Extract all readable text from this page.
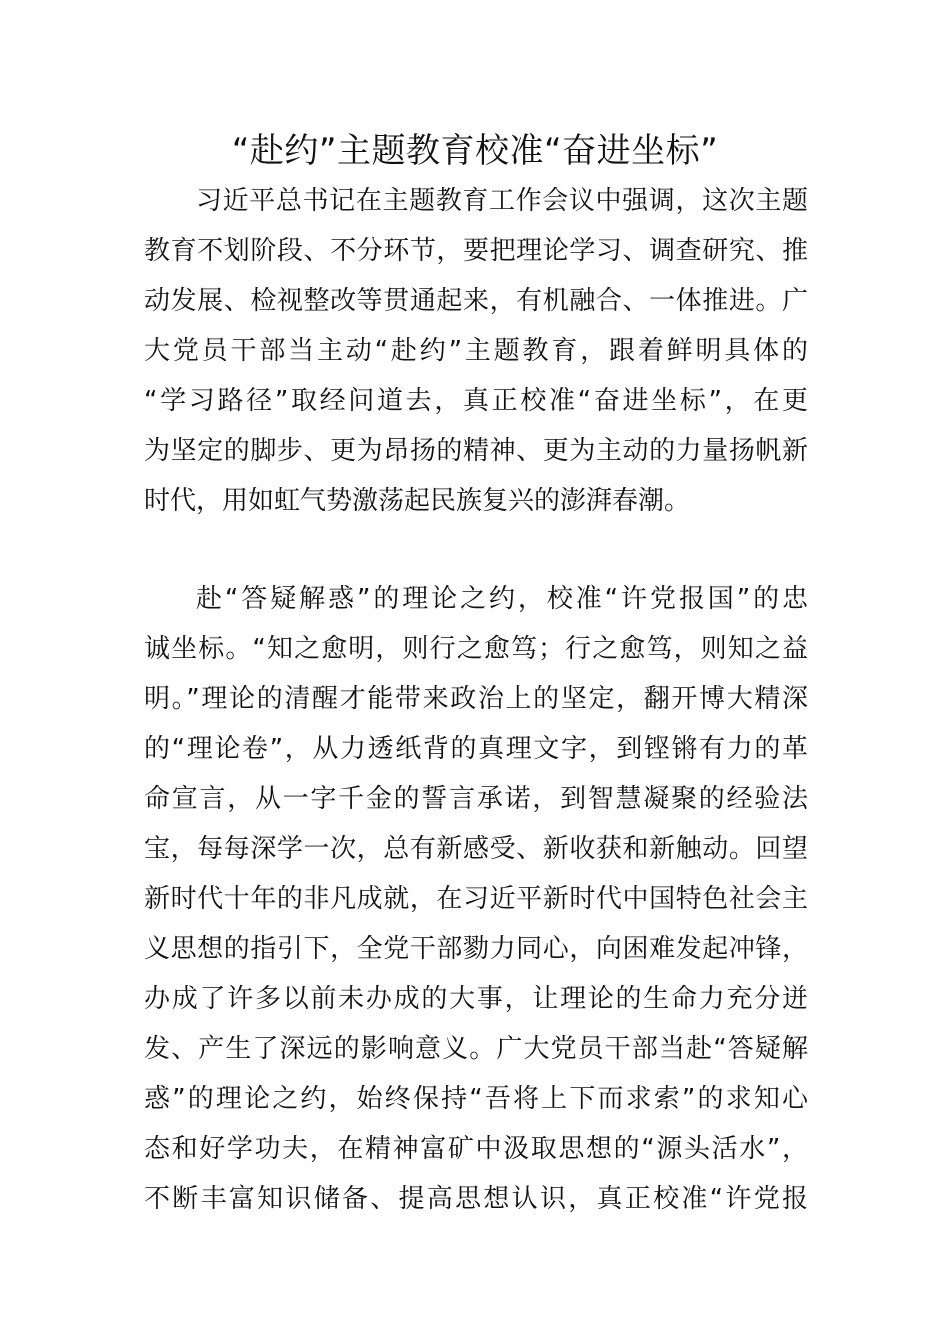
“赴约”主题教育校准“奋进坐标”

习近平总书记在主题教育工作会议中强调，这次主题
教育不划阶段、不分环节，要把理论学习、调查研究、推
动发展、检视整改等贯通起来，有机融合、一体推进。广
大党员干部当主动“赴约”主题教育，跟着鲜明具体的
“学习路径”取经问道去，真正校准“奋进坐标”，在更
为坚定的脚步、更为昂扬的精神、更为主动的力量扬帆新
时代，用如虹气势激荡起民族复兴的澎湃春潮。

赴“答疑解惑”的理论之约，校准“许党报国”的忠
诚坐标。“知之愈明，则行之愈笃；行之愈笃，则知之益
明。”理论的清醒才能带来政治上的坚定，翻开博大精深
的“理论卷”，从力透纸背的真理文字，到铿锵有力的革
命宣言，从一字千金的誓言承诺，到智慧凝聚的经验法
宝，每每深学一次，总有新感受、新收获和新触动。回望
新时代十年的非凡成就，在习近平新时代中国特色社会主
义思想的指引下，全党干部勠力同心，向困难发起冲锋，
办成了许多以前未办成的大事，让理论的生命力充分迸
发、产生了深远的影响意义。广大党员干部当赴“答疑解
惑”的理论之约，始终保持“吾将上下而求索”的求知心
态和好学功夫，在精神富矿中汲取思想的“源头活水”，
不断丰富知识储备、提高思想认识，真正校准“许党报
